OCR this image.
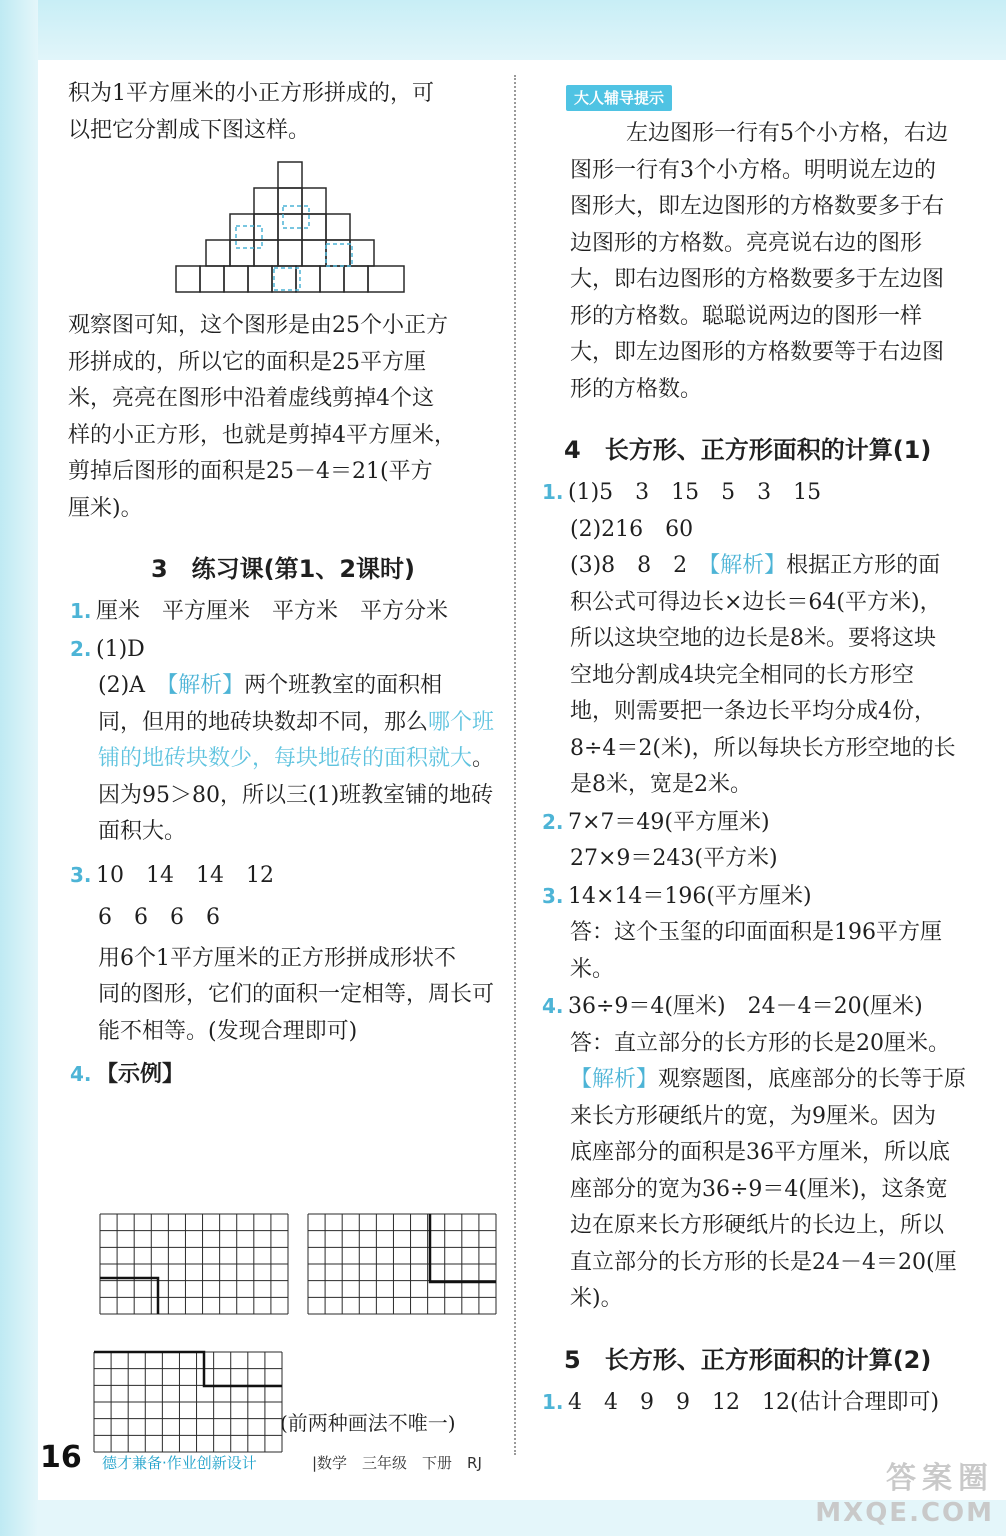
积为1平方厘米的小正方形拼成的，可

以把它分割成下图这样。

观察图可知，这个图形是由25个小正方

形拼成的，所以它的面积是25平方厘

米，亮亮在图形中沿着虚线剪掉4个这

样的小正方形，也就是剪掉4平方厘米，

剪掉后图形的面积是25－4＝21(平方

厘米)。

3　练习课(第1、2课时)

1. 厘米　平方厘米　平方米　平方分米

2. (1)D

(2)A　【解析】两个班教室的面积相

同，但用的地砖块数却不同，那么哪个班

铺的地砖块数少，每块地砖的面积就大。

因为95＞80，所以三(1)班教室铺的地砖

面积大。

3. 10　14　14　12

6　6　6　6

用6个1平方厘米的正方形拼成形状不

同的图形，它们的面积一定相等，周长可

能不相等。(发现合理即可)

4. 【示例】

(前两种画法不唯一)
大人辅导提示

左边图形一行有5个小方格，右边

图形一行有3个小方格。明明说左边的

图形大，即左边图形的方格数要多于右

边图形的方格数。亮亮说右边的图形

大，即右边图形的方格数要多于左边图

形的方格数。聪聪说两边的图形一样

大，即左边图形的方格数要等于右边图

形的方格数。

4　长方形、正方形面积的计算(1)

1. (1)5　3　15　5　3　15

(2)216　60

(3)8　8　2　【解析】根据正方形的面

积公式可得边长×边长＝64(平方米)，

所以这块空地的边长是8米。要将这块

空地分割成4块完全相同的长方形空

地，则需要把一条边长平均分成4份，

8÷4＝2(米)，所以每块长方形空地的长

是8米，宽是2米。

2. 7×7＝49(平方厘米)

27×9＝243(平方米)

3. 14×14＝196(平方厘米)

答：这个玉玺的印面面积是196平方厘

米。

4. 36÷9＝4(厘米)　24－4＝20(厘米)

答：直立部分的长方形的长是20厘米。

【解析】观察题图，底座部分的长等于原

来长方形硬纸片的宽，为9厘米。因为

底座部分的面积是36平方厘米，所以底

座部分的宽为36÷9＝4(厘米)，这条宽

边在原来长方形硬纸片的长边上，所以

直立部分的长方形的长是24－4＝20(厘

米)。

5　长方形、正方形面积的计算(2)

1. 4　4　9　9　12　12(估计合理即可)

16 德才兼备·作业创新设计	|数学　三年级　下册　RJ	答案圈
MXQE.COM
